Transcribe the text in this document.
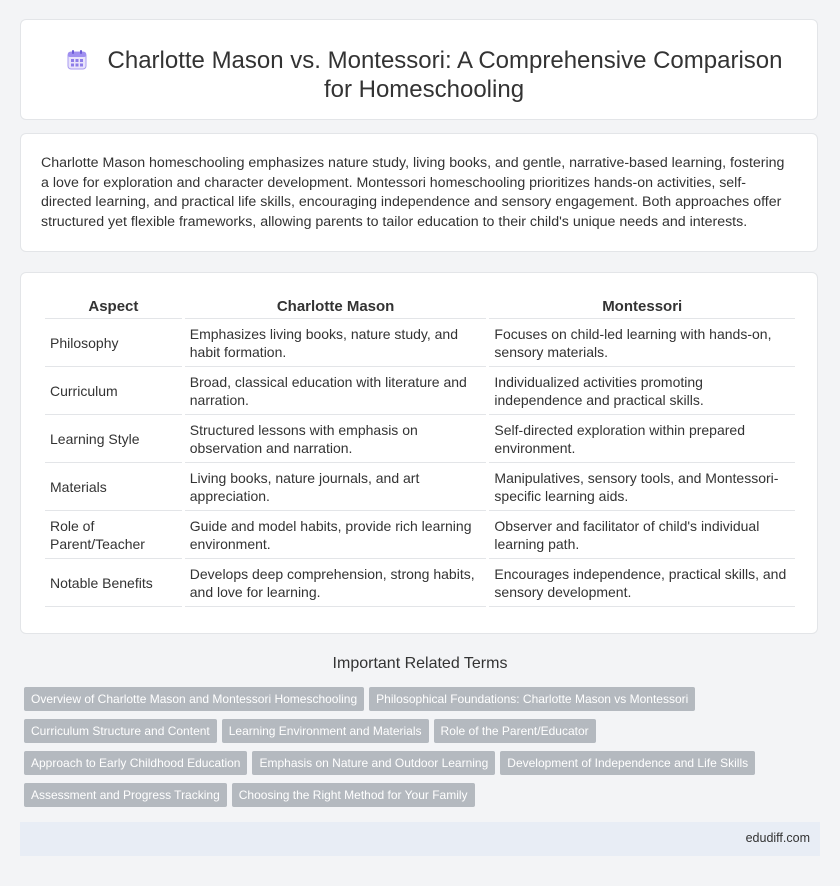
Charlotte Mason vs. Montessori: A Comprehensive Comparison for Homeschooling

Charlotte Mason homeschooling emphasizes nature study, living books, and gentle, narrative-based learning, fostering a love for exploration and character development. Montessori homeschooling prioritizes hands-on activities, self-directed learning, and practical life skills, encouraging independence and sensory engagement. Both approaches offer structured yet flexible frameworks, allowing parents to tailor education to their child's unique needs and interests.

Aspect	Charlotte Mason	Montessori
Philosophy	Emphasizes living books, nature study, and habit formation.	Focuses on child-led learning with hands-on, sensory materials.
Curriculum	Broad, classical education with literature and narration.	Individualized activities promoting independence and practical skills.
Learning Style	Structured lessons with emphasis on observation and narration.	Self-directed exploration within prepared environment.
Materials	Living books, nature journals, and art appreciation.	Manipulatives, sensory tools, and Montessori-specific learning aids.
Role of Parent/Teacher	Guide and model habits, provide rich learning environment.	Observer and facilitator of child's individual learning path.
Notable Benefits	Develops deep comprehension, strong habits, and love for learning.	Encourages independence, practical skills, and sensory development.
Important Related Terms
Overview of Charlotte Mason and Montessori Homeschooling Philosophical Foundations: Charlotte Mason vs Montessori
Curriculum Structure and Content Learning Environment and Materials Role of the Parent/Educator
Approach to Early Childhood Education Emphasis on Nature and Outdoor Learning Development of Independence and Life Skills
Assessment and Progress Tracking Choosing the Right Method for Your Family
edudiff.com
